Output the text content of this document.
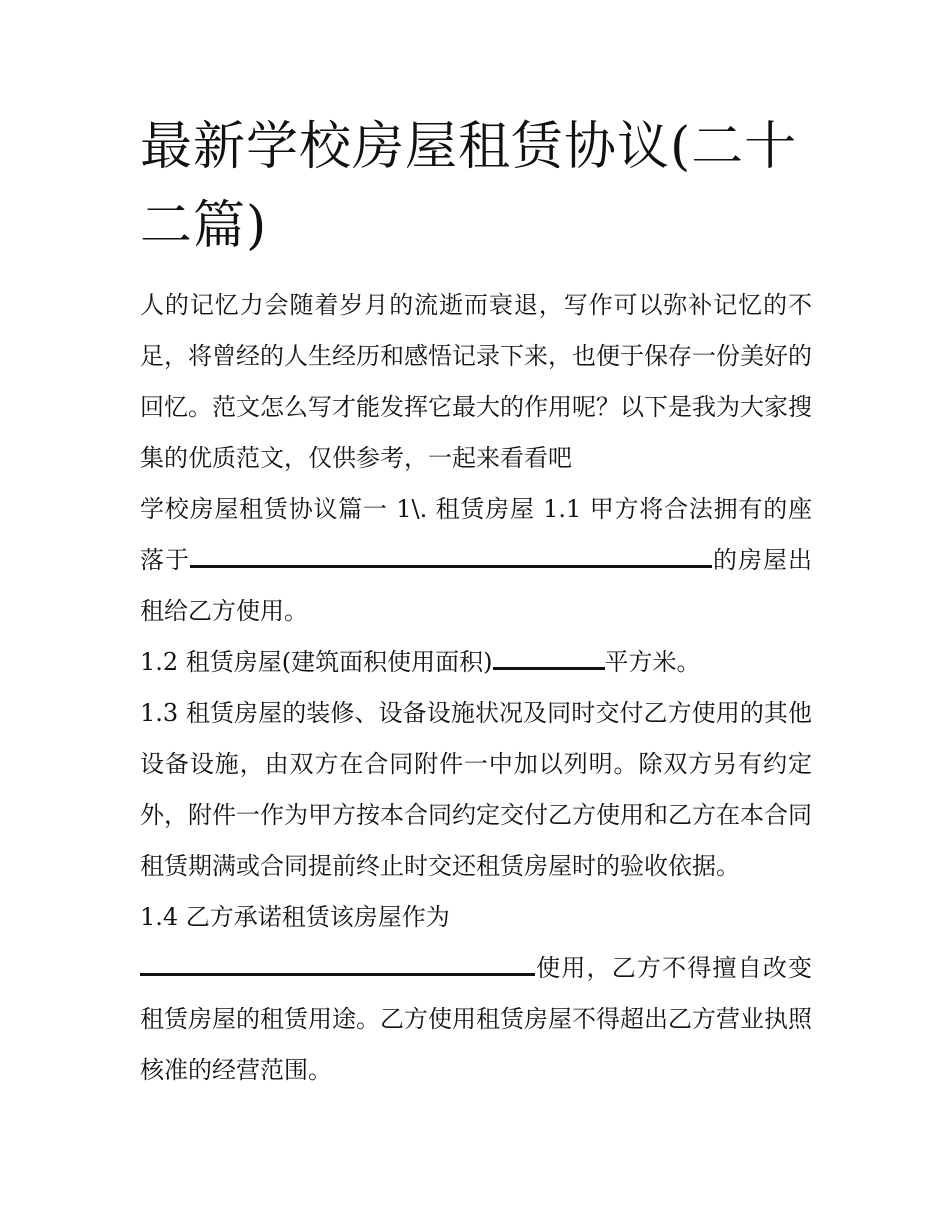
最新学校房屋租赁协议(二十二篇)

人的记忆力会随着岁月的流逝而衰退，写作可以弥补记忆的不足，将曾经的人生经历和感悟记录下来，也便于保存一份美好的回忆。范文怎么写才能发挥它最大的作用呢？以下是我为大家搜集的优质范文，仅供参考，一起来看看吧

学校房屋租赁协议篇一 1\. 租赁房屋 1.1 甲方将合法拥有的座落于	的房屋出租给乙方使用。

1.2 租赁房屋(建筑面积使用面积)	平方米。

1.3 租赁房屋的装修、设备设施状况及同时交付乙方使用的其他设备设施，由双方在合同附件一中加以列明。除双方另有约定外，附件一作为甲方按本合同约定交付乙方使用和乙方在本合同租赁期满或合同提前终止时交还租赁房屋时的验收依据。

1.4 乙方承诺租赁该房屋作为
使用，乙方不得擅自改变租赁房屋的租赁用途。乙方使用租赁房屋不得超出乙方营业执照核准的经营范围。
